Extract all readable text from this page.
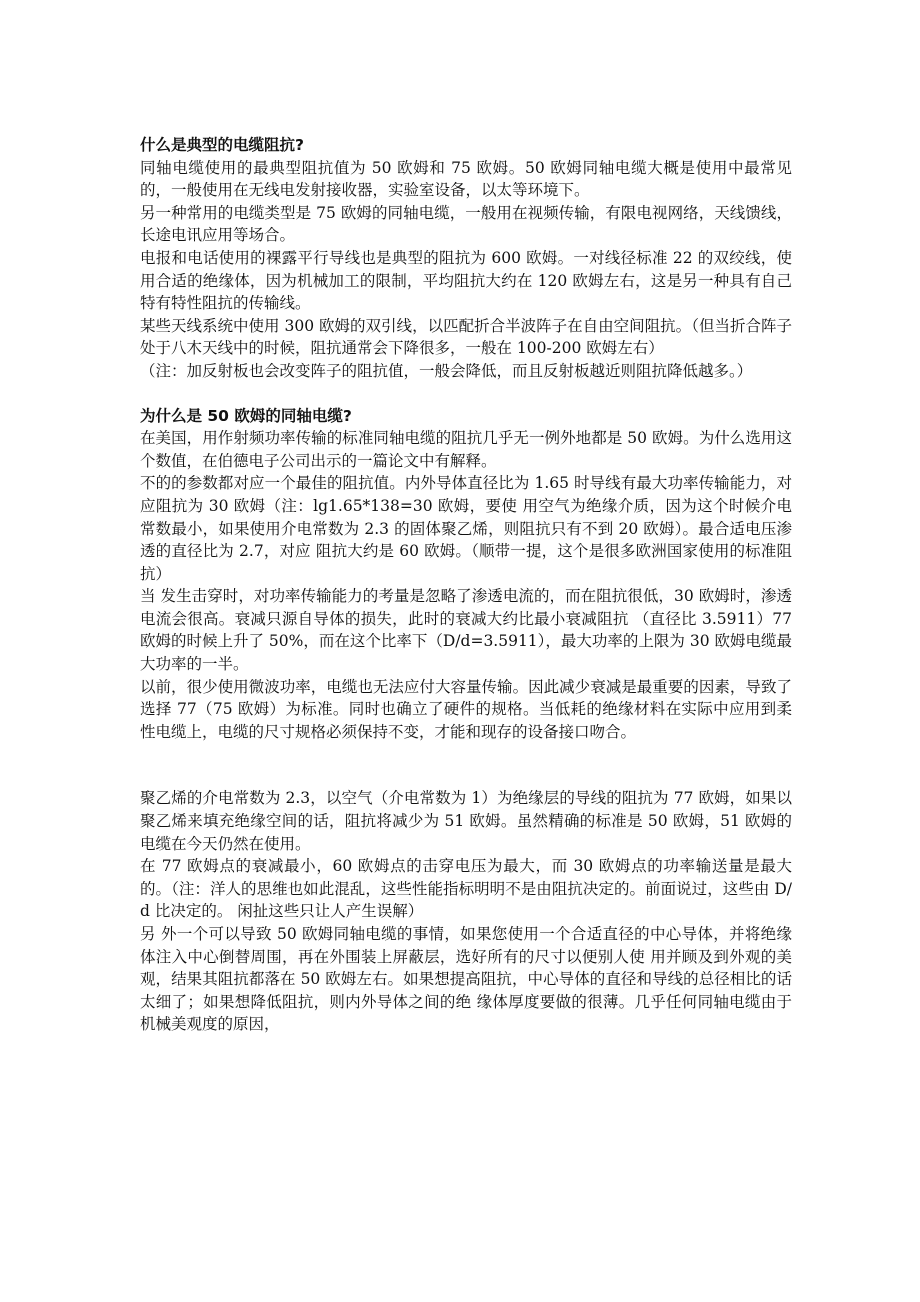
什么是典型的电缆阻抗?

同轴电缆使用的最典型阻抗值为 50 欧姆和 75 欧姆。50 欧姆同轴电缆大概是使用中最常见的，一般使用在无线电发射接收器，实验室设备，以太等环境下。

另一种常用的电缆类型是 75 欧姆的同轴电缆，一般用在视频传输，有限电视网络，天线馈线，长途电讯应用等场合。

电报和电话使用的裸露平行导线也是典型的阻抗为 600 欧姆。一对线径标准 22 的双绞线，使用合适的绝缘体，因为机械加工的限制，平均阻抗大约在 120 欧姆左右，这是另一种具有自己特有特性阻抗的传输线。

某些天线系统中使用 300 欧姆的双引线，以匹配折合半波阵子在自由空间阻抗。（但当折合阵子处于八木天线中的时候，阻抗通常会下降很多，一般在 100-200 欧姆左右）

（注：加反射板也会改变阵子的阻抗值，一般会降低，而且反射板越近则阻抗降低越多。）

为什么是 50 欧姆的同轴电缆?

在美国，用作射频功率传输的标准同轴电缆的阻抗几乎无一例外地都是 50 欧姆。为什么选用这个数值，在伯德电子公司出示的一篇论文中有解释。

不的的参数都对应一个最佳的阻抗值。内外导体直径比为 1.65 时导线有最大功率传输能力，对应阻抗为 30 欧姆（注：lg1.65*138=30 欧姆，要使 用空气为绝缘介质，因为这个时候介电常数最小，如果使用介电常数为 2.3 的固体聚乙烯，则阻抗只有不到 20 欧姆）。最合适电压渗透的直径比为 2.7，对应 阻抗大约是 60 欧姆。（顺带一提，这个是很多欧洲国家使用的标准阻抗）

当 发生击穿时，对功率传输能力的考量是忽略了渗透电流的，而在阻抗很低，30 欧姆时，渗透电流会很高。衰减只源自导体的损失，此时的衰减大约比最小衰减阻抗 （直径比 3.5911）77 欧姆的时候上升了 50%，而在这个比率下（D/d=3.5911），最大功率的上限为 30 欧姆电缆最大功率的一半。

以前，很少使用微波功率，电缆也无法应付大容量传输。因此减少衰减是最重要的因素，导致了选择 77（75 欧姆）为标准。同时也确立了硬件的规格。当低耗的绝缘材料在实际中应用到柔性电缆上，电缆的尺寸规格必须保持不变，才能和现存的设备接口吻合。

聚乙烯的介电常数为 2.3，以空气（介电常数为 1）为绝缘层的导线的阻抗为 77 欧姆，如果以聚乙烯来填充绝缘空间的话，阻抗将减少为 51 欧姆。虽然精确的标准是 50 欧姆，51 欧姆的电缆在今天仍然在使用。

在 77 欧姆点的衰减最小，60 欧姆点的击穿电压为最大，而 30 欧姆点的功率输送量是最大的。（注：洋人的思维也如此混乱，这些性能指标明明不是由阻抗决定的。前面说过，这些由 D/d 比决定的。 闲扯这些只让人产生误解）

另 外一个可以导致 50 欧姆同轴电缆的事情，如果您使用一个合适直径的中心导体，并将绝缘体注入中心倒替周围，再在外围装上屏蔽层，选好所有的尺寸以便别人使 用并顾及到外观的美观，结果其阻抗都落在 50 欧姆左右。如果想提高阻抗，中心导体的直径和导线的总径相比的话太细了；如果想降低阻抗，则内外导体之间的绝 缘体厚度要做的很薄。几乎任何同轴电缆由于机械美观度的原因，
